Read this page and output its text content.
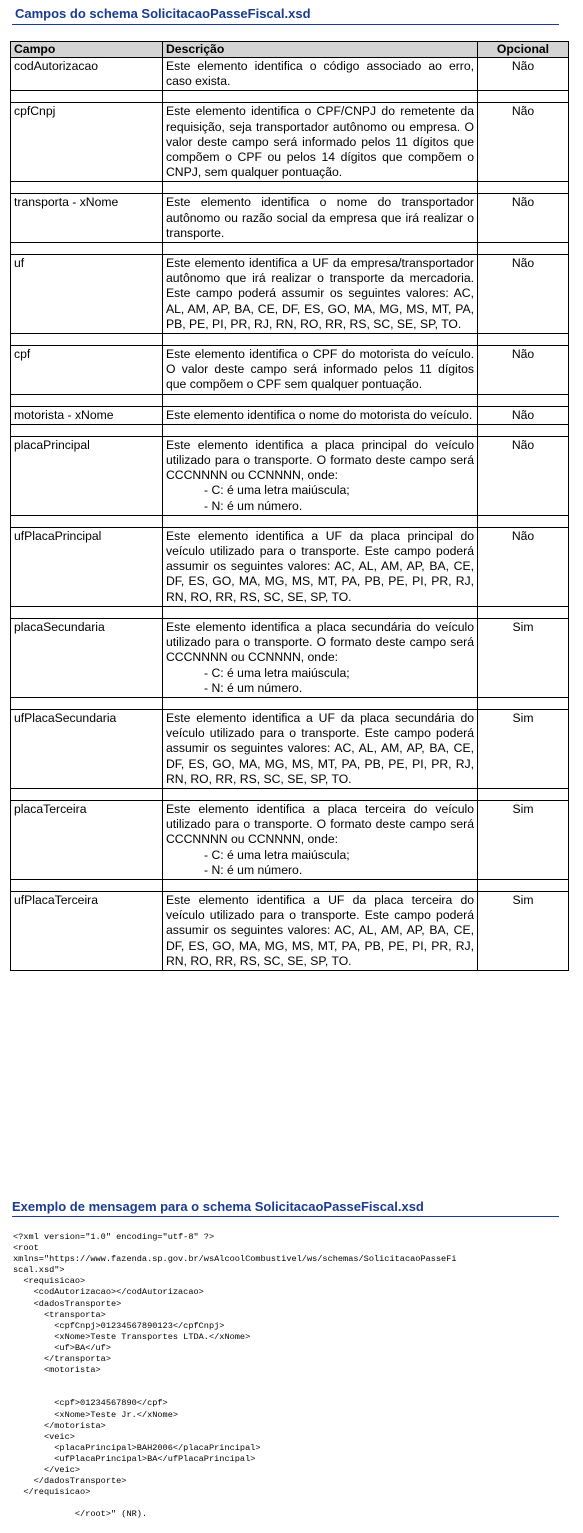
Campos do schema SolicitacaoPasseFiscal.xsd
Campo	Descrição	Opcional
codAutorizacao	Este elemento identifica o código associado ao erro, caso exista.	Não

cpfCnpj	Este elemento identifica o CPF/CNPJ do remetente da requisição, seja transportador autônomo ou empresa. O valor deste campo será informado pelos 11 dígitos que compõem o CPF ou pelos 14 dígitos que compõem o CNPJ, sem qualquer pontuação.	Não

transporta - xNome	Este elemento identifica o nome do transportador autônomo ou razão social da empresa que irá realizar o transporte.	Não

uf	Este elemento identifica a UF da empresa/transportador autônomo que irá realizar o transporte da mercadoria. Este campo poderá assumir os seguintes valores: AC, AL, AM, AP, BA, CE, DF, ES, GO, MA, MG, MS, MT, PA, PB, PE, PI, PR, RJ, RN, RO, RR, RS, SC, SE, SP, TO.	Não

cpf	Este elemento identifica o CPF do motorista do veículo. O valor deste campo será informado pelos 11 dígitos que compõem o CPF sem qualquer pontuação.	Não

motorista - xNome	Este elemento identifica o nome do motorista do veículo.	Não

placaPrincipal	Este elemento identifica a placa principal do veículo utilizado para o transporte. O formato deste campo será CCCNNNN ou CCNNNN, onde:
- C: é uma letra maiúscula;
- N: é um número.	Não

ufPlacaPrincipal	Este elemento identifica a UF da placa principal do veículo utilizado para o transporte. Este campo poderá assumir os seguintes valores: AC, AL, AM, AP, BA, CE, DF, ES, GO, MA, MG, MS, MT, PA, PB, PE, PI, PR, RJ, RN, RO, RR, RS, SC, SE, SP, TO.	Não

placaSecundaria	Este elemento identifica a placa secundária do veículo utilizado para o transporte. O formato deste campo será CCCNNNN ou CCNNNN, onde:
- C: é uma letra maiúscula;
- N: é um número.	Sim

ufPlacaSecundaria	Este elemento identifica a UF da placa secundária do veículo utilizado para o transporte. Este campo poderá assumir os seguintes valores: AC, AL, AM, AP, BA, CE, DF, ES, GO, MA, MG, MS, MT, PA, PB, PE, PI, PR, RJ, RN, RO, RR, RS, SC, SE, SP, TO.	Sim

placaTerceira	Este elemento identifica a placa terceira do veículo utilizado para o transporte. O formato deste campo será CCCNNNN ou CCNNNN, onde:
- C: é uma letra maiúscula;
- N: é um número.	Sim

ufPlacaTerceira	Este elemento identifica a UF da placa terceira do veículo utilizado para o transporte. Este campo poderá assumir os seguintes valores: AC, AL, AM, AP, BA, CE, DF, ES, GO, MA, MG, MS, MT, PA, PB, PE, PI, PR, RJ, RN, RO, RR, RS, SC, SE, SP, TO.	Sim
Exemplo de mensagem para o schema SolicitacaoPasseFiscal.xsd
<?xml version="1.0" encoding="utf-8" ?>
<root
xmlns="https://www.fazenda.sp.gov.br/wsAlcoolCombustivel/ws/schemas/SolicitacaoPasseFi
scal.xsd">
<requisicao>
<codAutorizacao></codAutorizacao>
<dadosTransporte>
<transporta>
<cpfCnpj>01234567890123</cpfCnpj>
<xNome>Teste Transportes LTDA.</xNome>
<uf>BA</uf>
</transporta>
<motorista>

<cpf>01234567890</cpf>
<xNome>Teste Jr.</xNome>
</motorista>
<veic>
<placaPrincipal>BAH2006</placaPrincipal>
<ufPlacaPrincipal>BA</ufPlacaPrincipal>
</veic>
</dadosTransporte>
</requisicao>

</root>" (NR).
